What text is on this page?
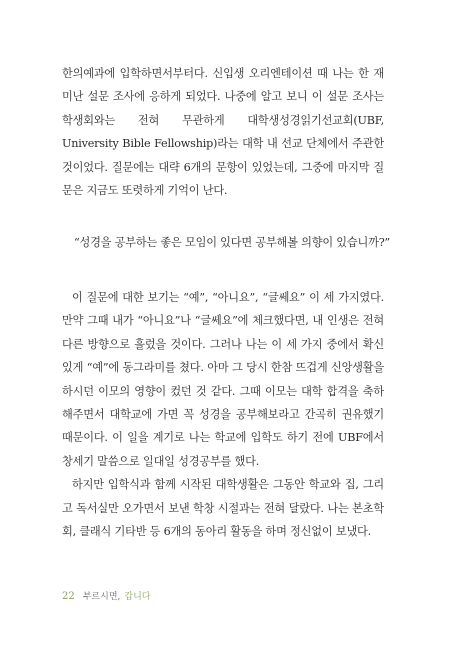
한의예과에 입학하면서부터다. 신입생 오리엔테이션 때 나는 한 재미난 설문 조사에 응하게 되었다. 나중에 알고 보니 이 설문 조사는 학생회와는 전혀 무관하게 대학생성경읽기선교회(UBF, University Bible Fellowship)라는 대학 내 선교 단체에서 주관한 것이었다. 질문에는 대략 6개의 문항이 있었는데, 그중에 마지막 질문은 지금도 또렷하게 기억이 난다.

“성경을 공부하는 좋은 모임이 있다면 공부해볼 의향이 있습니까?”

이 질문에 대한 보기는 “예”, “아니요”, “글쎄요” 이 세 가지였다. 만약 그때 내가 “아니요”나 “글쎄요”에 체크했다면, 내 인생은 전혀 다른 방향으로 흘렀을 것이다. 그러나 나는 이 세 가지 중에서 확신 있게 “예”에 동그라미를 쳤다. 아마 그 당시 한참 뜨겁게 신앙생활을 하시던 이모의 영향이 컸던 것 같다. 그때 이모는 대학 합격을 축하해주면서 대학교에 가면 꼭 성경을 공부해보라고 간곡히 권유했기 때문이다. 이 일을 계기로 나는 학교에 입학도 하기 전에 UBF에서 창세기 말씀으로 일대일 성경공부를 했다.

하지만 입학식과 함께 시작된 대학생활은 그동안 학교와 집, 그리고 독서실만 오가면서 보낸 학창 시절과는 전혀 달랐다. 나는 본초학회, 클래식 기타반 등 6개의 동아리 활동을 하며 정신없이 보냈다.

22 부르시면, 갑니다
